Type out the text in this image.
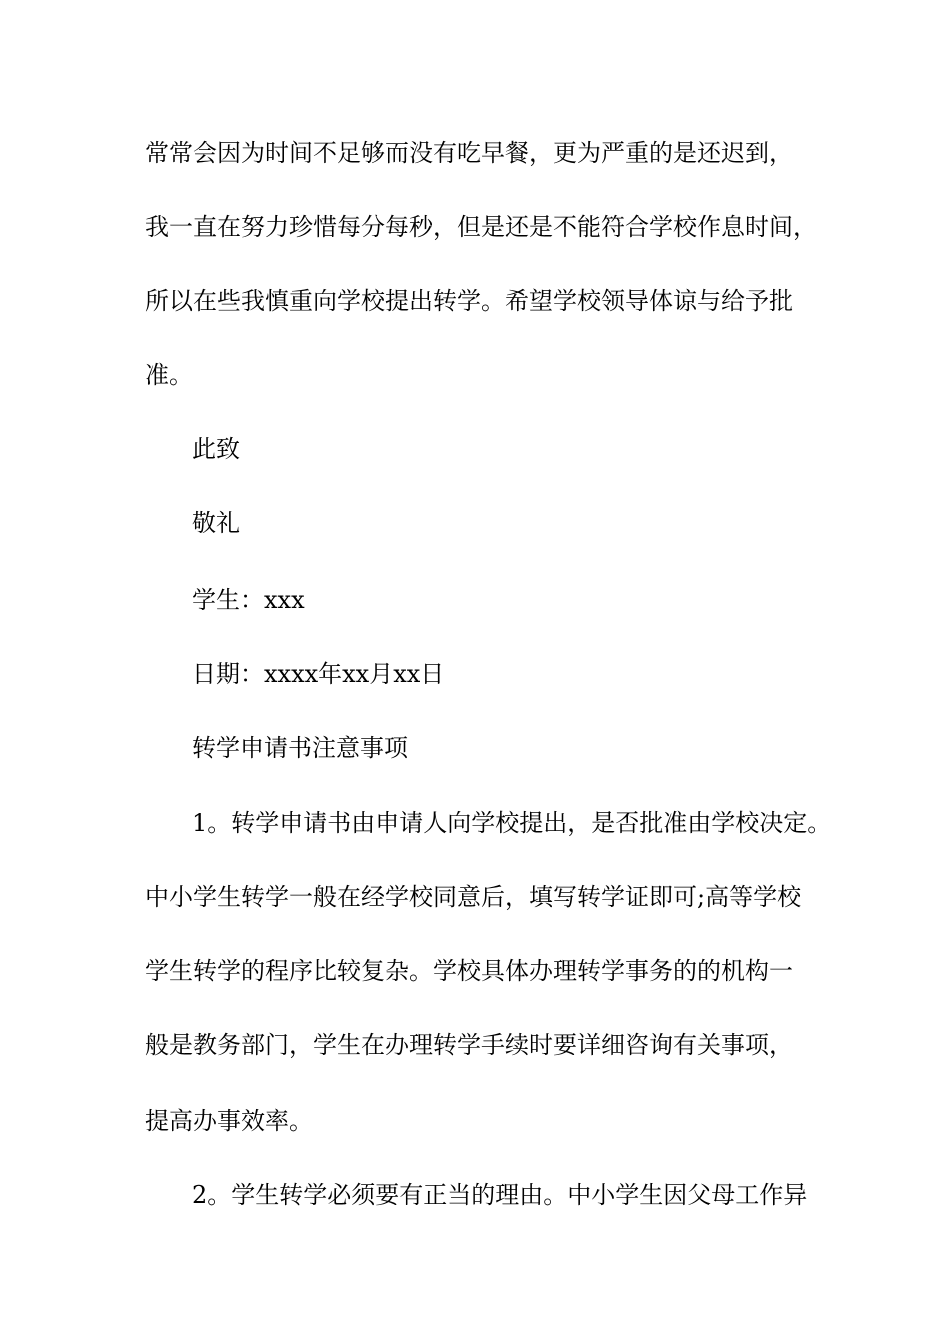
常常会因为时间不足够而没有吃早餐，更为严重的是还迟到，
我一直在努力珍惜每分每秒，但是还是不能符合学校作息时间，
所以在些我慎重向学校提出转学。希望学校领导体谅与给予批
准。
此致
敬礼
学生：xxx
日期：xxxx年xx月xx日
转学申请书注意事项
1。转学申请书由申请人向学校提出，是否批准由学校决定。
中小学生转学一般在经学校同意后，填写转学证即可;高等学校
学生转学的程序比较复杂。学校具体办理转学事务的的机构一
般是教务部门，学生在办理转学手续时要详细咨询有关事项，
提高办事效率。
2。学生转学必须要有正当的理由。中小学生因父母工作异
